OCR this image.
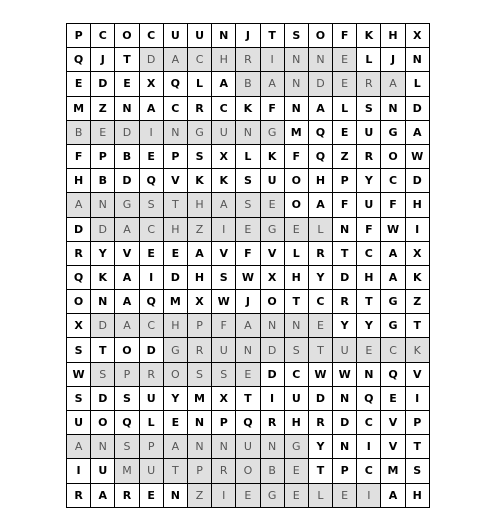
P	C	O	C	U	U	N	J	T	S	O	F	K	H	X
Q	J	T	D	A	C	H	R	I	N	N	E	L	J	N
E	D	E	X	Q	L	A	B	A	N	D	E	R	A	L
M	Z	N	A	C	R	C	K	F	N	A	L	S	N	D
B	E	D	I	N	G	U	N	G	M	Q	E	U	G	A
F	P	B	E	P	S	X	L	K	F	Q	Z	R	O	W
H	B	D	Q	V	K	K	S	U	O	H	P	Y	C	D
A	N	G	S	T	H	A	S	E	O	A	F	U	F	H
D	D	A	C	H	Z	I	E	G	E	L	N	F	W	I
R	Y	V	E	E	A	V	F	V	L	R	T	C	A	X
Q	K	A	I	D	H	S	W	X	H	Y	D	H	A	K
O	N	A	Q	M	X	W	J	O	T	C	R	T	G	Z
X	D	A	C	H	P	F	A	N	N	E	Y	Y	G	T
S	T	O	D	G	R	U	N	D	S	T	U	E	C	K
W	S	P	R	O	S	S	E	D	C	W	W	N	Q	V
S	D	S	U	Y	M	X	T	I	U	D	N	Q	E	I
U	O	Q	L	E	N	P	Q	R	H	R	D	C	V	P
A	N	S	P	A	N	N	U	N	G	Y	N	I	V	T
I	U	M	U	T	P	R	O	B	E	T	P	C	M	S
R	A	R	E	N	Z	I	E	G	E	L	E	I	A	H
